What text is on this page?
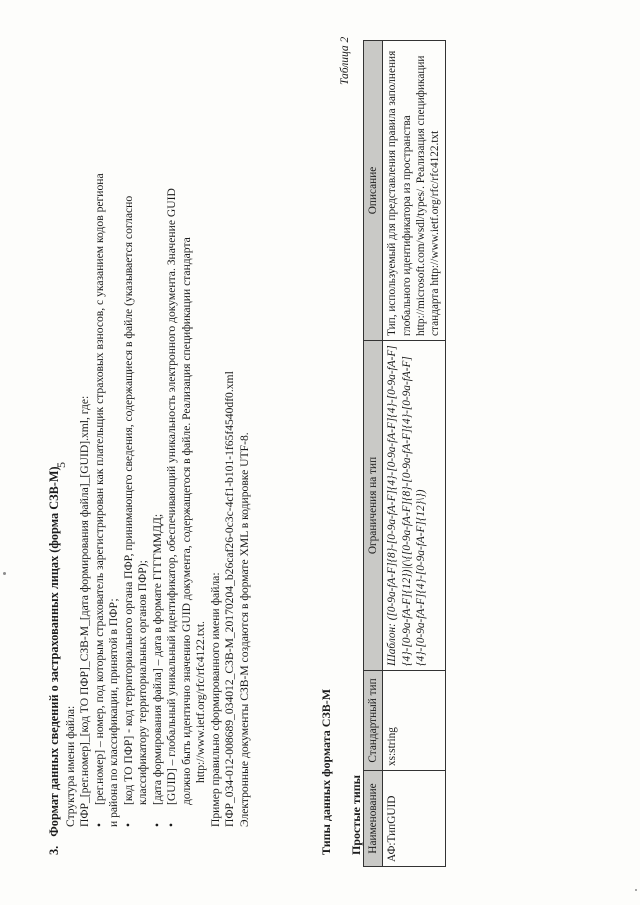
5
3.Формат данных сведений о застрахованных лицах (форма СЗВ-М) Структура имени файла: ПФР_[рег.номер]_[код ТО ПФР]_СЗВ-М_[дата формирования файла]_[GUID].xml, где: •
[рег.номер] – номер, под которым страхователь зарегистрирован как плательщик страховых взносов, с указанием кодов региона и района по классификации, принятой в ПФР; •
[код ТО ПФР] - код территориального органа ПФР, принимающего сведения, содержащиеся в файле (указывается согласно классификатору территориальных органов ПФР);
•
[дата формирования файла] – дата в формате ГГГГММДД;
•
[GUID] – глобальный уникальный идентификатор, обеспечивающий уникальность электронного документа. Значение GUID должно быть идентично значению GUID документа, содержащегося в файле. Реализация спецификации стандарта http://www.ietf.org/rfc/rfc4122.txt. Пример правильно сформированного имени файла: ПФР_034-012-008689_034012_СЗВ-М_20170204_b26caf26-0c3c-4cf1-b101-1f65f4540df0.xml Электронные документы СЗВ-М создаются в формате XML в кодировке UTF-8.	Типы данных формата СЗВ-М Простые типы
Таблица 2
Наименование	Стандартный тип	Ограничения на тип	Описание
АФ:ТипGUID	xs:string	Шаблон: ([0-9a-fA-F]{8}-[0-9a-fA-F]{4}-[0-9a-fA-F]{4}-[0-9a-fA-F]{4}-[0-9a-fA-F]{12})|(\{[0-9a-fA-F]{8}-[0-9a-fA-F]{4}-[0-9a-fA-F]{4}-[0-9a-fA-F]{4}-[0-9a-fA-F]{12}\})	Тип, используемый для представления правила заполнения глобального идентификатора из пространства http://microsoft.com/wsdl/types/. Реализация спецификации стандарта http://www.ietf.org/rfc/rfc4122.txt
